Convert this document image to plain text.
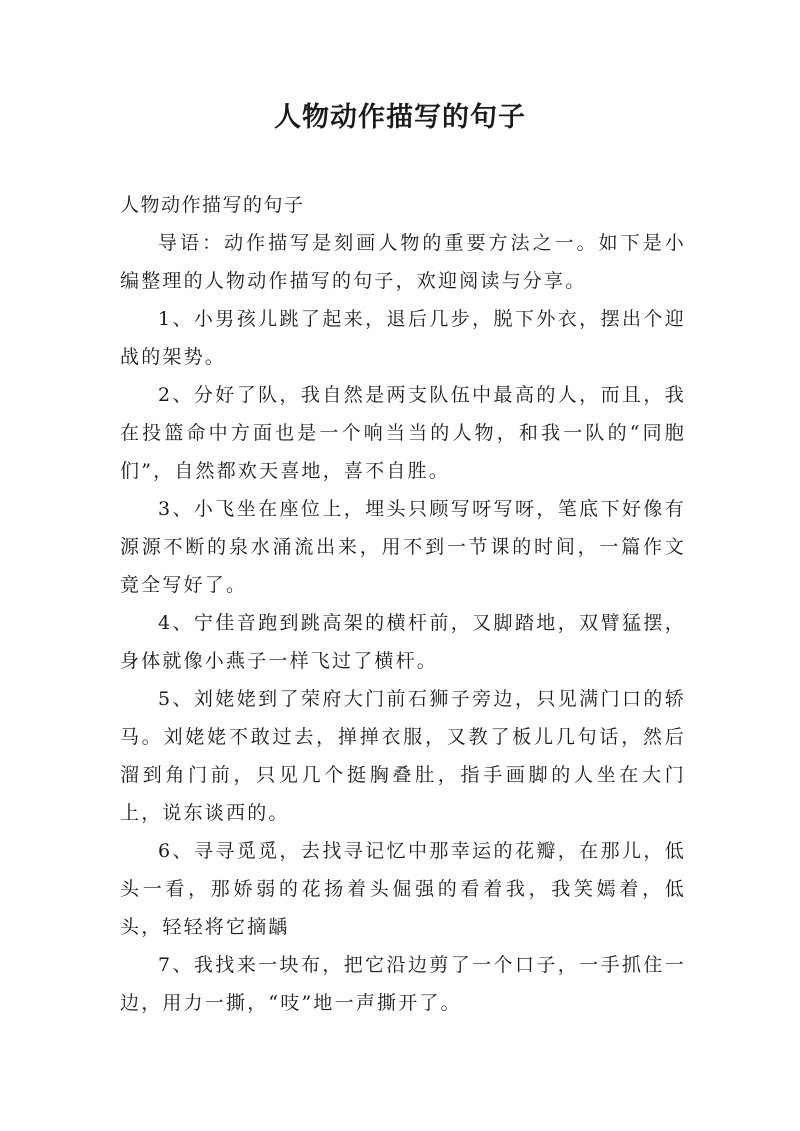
人物动作描写的句子

人物动作描写的句子

导语：动作描写是刻画人物的重要方法之一。如下是小编整理的人物动作描写的句子，欢迎阅读与分享。

1、小男孩儿跳了起来，退后几步，脱下外衣，摆出个迎战的架势。

2、分好了队，我自然是两支队伍中最高的人，而且，我在投篮命中方面也是一个响当当的人物，和我一队的“同胞们”，自然都欢天喜地，喜不自胜。

3、小飞坐在座位上，埋头只顾写呀写呀，笔底下好像有源源不断的泉水涌流出来，用不到一节课的时间，一篇作文竟全写好了。

4、宁佳音跑到跳高架的横杆前，又脚踏地，双臂猛摆，身体就像小燕子一样飞过了横杆。

5、刘姥姥到了荣府大门前石狮子旁边，只见满门口的轿马。刘姥姥不敢过去，掸掸衣服，又教了板儿几句话，然后溜到角门前，只见几个挺胸叠肚，指手画脚的人坐在大门上，说东谈西的。

6、寻寻觅觅，去找寻记忆中那幸运的花瓣，在那儿，低头一看，那娇弱的花扬着头倔强的看着我，我笑嫣着，低头，轻轻将它摘龋

7、我找来一块布，把它沿边剪了一个口子，一手抓住一边，用力一撕，“吱”地一声撕开了。
